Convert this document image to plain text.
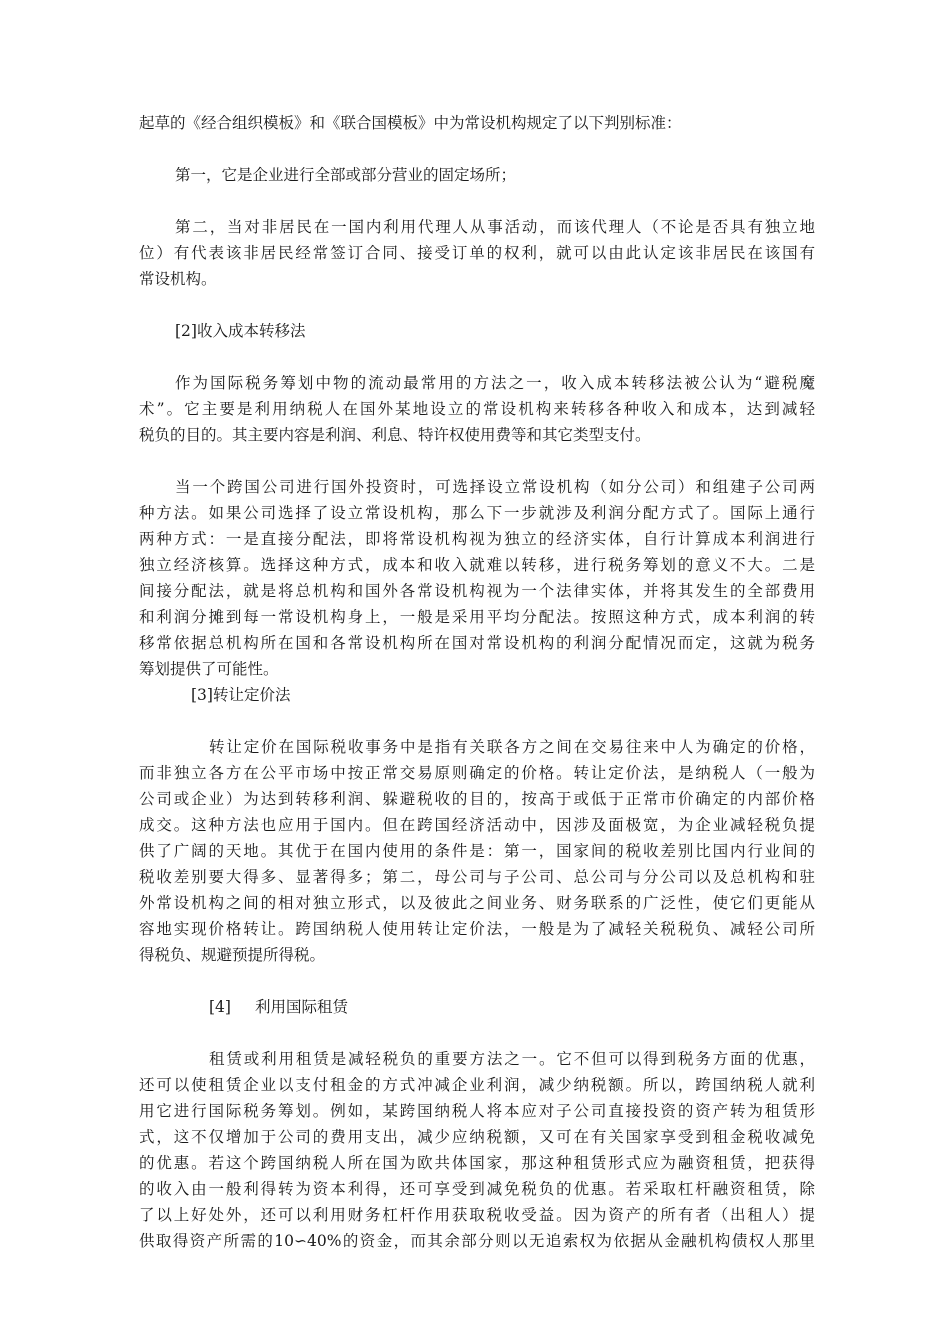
起草的《经合组织模板》和《联合国模板》中为常设机构规定了以下判别标准：
第一，它是企业进行全部或部分营业的固定场所；
第二，当对非居民在一国内利用代理人从事活动，而该代理人（不论是否具有独立地
位）有代表该非居民经常签订合同、接受订单的权利，就可以由此认定该非居民在该国有
常设机构。
[2]收入成本转移法
作为国际税务筹划中物的流动最常用的方法之一，收入成本转移法被公认为“避税魔
术”。它主要是利用纳税人在国外某地设立的常设机构来转移各种收入和成本，达到减轻
税负的目的。其主要内容是利润、利息、特许权使用费等和其它类型支付。
当一个跨国公司进行国外投资时，可选择设立常设机构（如分公司）和组建子公司两
种方法。如果公司选择了设立常设机构，那么下一步就涉及利润分配方式了。国际上通行
两种方式：一是直接分配法，即将常设机构视为独立的经济实体，自行计算成本利润进行
独立经济核算。选择这种方式，成本和收入就难以转移，进行税务筹划的意义不大。二是
间接分配法，就是将总机构和国外各常设机构视为一个法律实体，并将其发生的全部费用
和利润分摊到每一常设机构身上，一般是采用平均分配法。按照这种方式，成本利润的转
移常依据总机构所在国和各常设机构所在国对常设机构的利润分配情况而定，这就为税务
筹划提供了可能性。
[3]转让定价法
转让定价在国际税收事务中是指有关联各方之间在交易往来中人为确定的价格，
而非独立各方在公平市场中按正常交易原则确定的价格。转让定价法，是纳税人（一般为
公司或企业）为达到转移利润、躲避税收的目的，按高于或低于正常市价确定的内部价格
成交。这种方法也应用于国内。但在跨国经济活动中，因涉及面极宽，为企业减轻税负提
供了广阔的天地。其优于在国内使用的条件是：第一，国家间的税收差别比国内行业间的
税收差别要大得多、显著得多；第二，母公司与子公司、总公司与分公司以及总机构和驻
外常设机构之间的相对独立形式，以及彼此之间业务、财务联系的广泛性，使它们更能从
容地实现价格转让。跨国纳税人使用转让定价法，一般是为了减轻关税税负、减轻公司所
得税负、规避预提所得税。
[4] 利用国际租赁
租赁或利用租赁是减轻税负的重要方法之一。它不但可以得到税务方面的优惠，
还可以使租赁企业以支付租金的方式冲减企业利润，减少纳税额。所以，跨国纳税人就利
用它进行国际税务筹划。例如，某跨国纳税人将本应对子公司直接投资的资产转为租赁形
式，这不仅增加于公司的费用支出，减少应纳税额，又可在有关国家享受到租金税收减免
的优惠。若这个跨国纳税人所在国为欧共体国家，那这种租赁形式应为融资租赁，把获得
的收入由一般利得转为资本利得，还可享受到减免税负的优惠。若采取杠杆融资租赁，除
了以上好处外，还可以利用财务杠杆作用获取税收受益。因为资产的所有者（出租人）提
供取得资产所需的10∽40%的资金，而其余部分则以无追索权为依据从金融机构债权人那里
